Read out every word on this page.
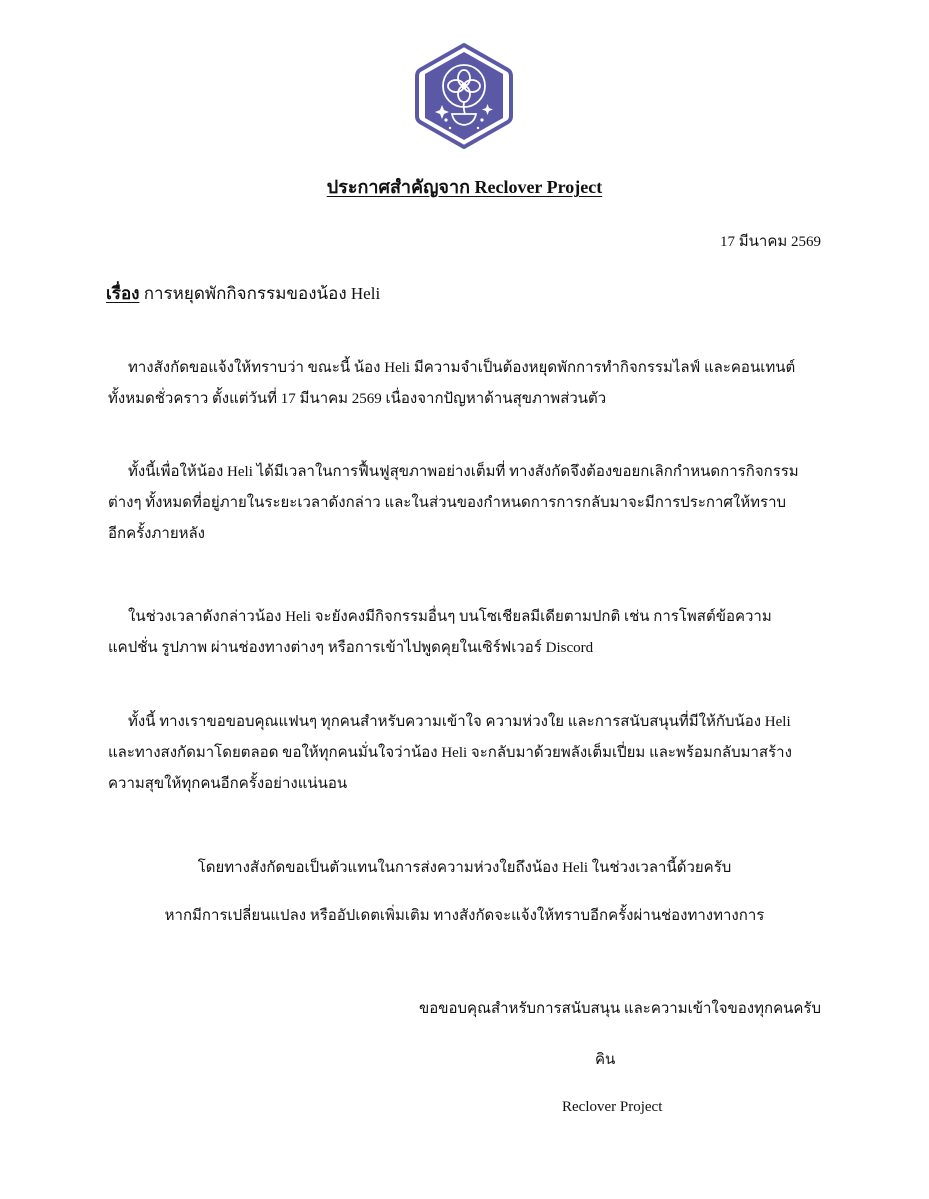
ประกาศสำคัญจาก Reclover Project
17 มีนาคม 2569
เรื่อง การหยุดพักกิจกรรมของน้อง Heli
ทางสังกัดขอแจ้งให้ทราบว่า ขณะนี้ น้อง Heli มีความจำเป็นต้องหยุดพักการทำกิจกรรมไลฟ์ และคอนเทนต์
ทั้งหมดชั่วคราว ตั้งแต่วันที่ 17 มีนาคม 2569 เนื่องจากปัญหาด้านสุขภาพส่วนตัว
ทั้งนี้เพื่อให้น้อง Heli ได้มีเวลาในการฟื้นฟูสุขภาพอย่างเต็มที่ ทางสังกัดจึงต้องขอยกเลิกกำหนดการกิจกรรม
ต่างๆ ทั้งหมดที่อยู่ภายในระยะเวลาดังกล่าว และในส่วนของกำหนดการการกลับมาจะมีการประกาศให้ทราบ
อีกครั้งภายหลัง
ในช่วงเวลาดังกล่าวน้อง Heli จะยังคงมีกิจกรรมอื่นๆ บนโซเชียลมีเดียตามปกติ เช่น การโพสต์ข้อความ
แคปชั่น รูปภาพ ผ่านช่องทางต่างๆ หรือการเข้าไปพูดคุยในเซิร์ฟเวอร์ Discord
ทั้งนี้ ทางเราขอขอบคุณแฟนๆ ทุกคนสำหรับความเข้าใจ ความห่วงใย และการสนับสนุนที่มีให้กับน้อง Heli
และทางสงกัดมาโดยตลอด ขอให้ทุกคนมั่นใจว่าน้อง Heli จะกลับมาด้วยพลังเต็มเปี่ยม และพร้อมกลับมาสร้าง
ความสุขให้ทุกคนอีกครั้งอย่างแน่นอน
โดยทางสังกัดขอเป็นตัวแทนในการส่งความห่วงใยถึงน้อง Heli ในช่วงเวลานี้ด้วยครับ
หากมีการเปลี่ยนแปลง หรืออัปเดตเพิ่มเติม ทางสังกัดจะแจ้งให้ทราบอีกครั้งผ่านช่องทางทางการ
ขอขอบคุณสำหรับการสนับสนุน และความเข้าใจของทุกคนครับ
คิน
Reclover Project
